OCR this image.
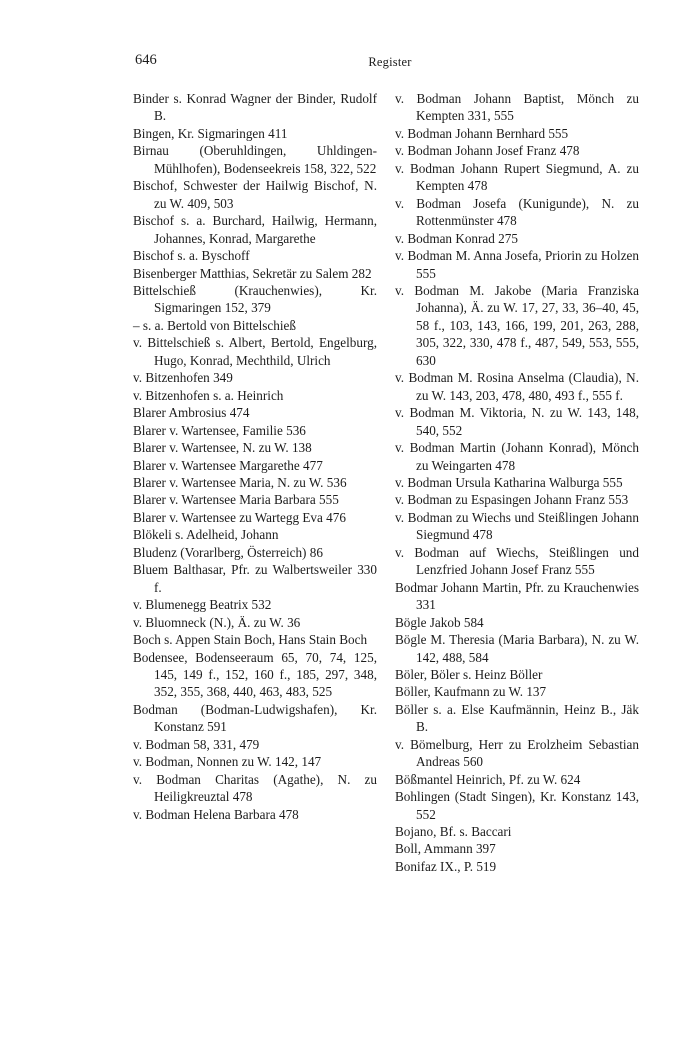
646	Register
Binder s. Konrad Wagner der Binder, Rudolf B.
Bingen, Kr. Sigmaringen 411
Birnau (Oberuhldingen, Uhldingen-Mühlhofen), Bodenseekreis 158, 322, 522
Bischof, Schwester der Hailwig Bischof, N. zu W. 409, 503
Bischof s. a. Burchard, Hailwig, Hermann, Johannes, Konrad, Margarethe
Bischof s. a. Byschoff
Bisenberger Matthias, Sekretär zu Salem 282
Bittelschieß (Krauchenwies), Kr. Sigmaringen 152, 379
– s. a. Bertold von Bittelschieß
v. Bittelschieß s. Albert, Bertold, Engelburg, Hugo, Konrad, Mechthild, Ulrich
v. Bitzenhofen 349
v. Bitzenhofen s. a. Heinrich
Blarer Ambrosius 474
Blarer v. Wartensee, Familie 536
Blarer v. Wartensee, N. zu W. 138
Blarer v. Wartensee Margarethe 477
Blarer v. Wartensee Maria, N. zu W. 536
Blarer v. Wartensee Maria Barbara 555
Blarer v. Wartensee zu Wartegg Eva 476
Blökeli s. Adelheid, Johann
Bludenz (Vorarlberg, Österreich) 86
Bluem Balthasar, Pfr. zu Walbertsweiler 330 f.
v. Blumenegg Beatrix 532
v. Bluomneck (N.), Ä. zu W. 36
Boch s. Appen Stain Boch, Hans Stain Boch
Bodensee, Bodenseeraum 65, 70, 74, 125, 145, 149 f., 152, 160 f., 185, 297, 348, 352, 355, 368, 440, 463, 483, 525
Bodman (Bodman-Ludwigshafen), Kr. Konstanz 591
v. Bodman 58, 331, 479
v. Bodman, Nonnen zu W. 142, 147
v. Bodman Charitas (Agathe), N. zu Heiligkreuztal 478
v. Bodman Helena Barbara 478
v. Bodman Johann Baptist, Mönch zu Kempten 331, 555
v. Bodman Johann Bernhard 555
v. Bodman Johann Josef Franz 478
v. Bodman Johann Rupert Siegmund, A. zu Kempten 478
v. Bodman Josefa (Kunigunde), N. zu Rottenmünster 478
v. Bodman Konrad 275
v. Bodman M. Anna Josefa, Priorin zu Holzen 555
v. Bodman M. Jakobe (Maria Franziska Johanna), Ä. zu W. 17, 27, 33, 36–40, 45, 58 f., 103, 143, 166, 199, 201, 263, 288, 305, 322, 330, 478 f., 487, 549, 553, 555, 630
v. Bodman M. Rosina Anselma (Claudia), N. zu W. 143, 203, 478, 480, 493 f., 555 f.
v. Bodman M. Viktoria, N. zu W. 143, 148, 540, 552
v. Bodman Martin (Johann Konrad), Mönch zu Weingarten 478
v. Bodman Ursula Katharina Walburga 555
v. Bodman zu Espasingen Johann Franz 553
v. Bodman zu Wiechs und Steißlingen Johann Siegmund 478
v. Bodman auf Wiechs, Steißlingen und Lenzfried Johann Josef Franz 555
Bodmar Johann Martin, Pfr. zu Krauchenwies 331
Bögle Jakob 584
Bögle M. Theresia (Maria Barbara), N. zu W. 142, 488, 584
Böler, Böler s. Heinz Böller
Böller, Kaufmann zu W. 137
Böller s. a. Else Kaufmännin, Heinz B., Jäk B.
v. Bömelburg, Herr zu Erolzheim Sebastian Andreas 560
Bößmantel Heinrich, Pf. zu W. 624
Bohlingen (Stadt Singen), Kr. Konstanz 143, 552
Bojano, Bf. s. Baccari
Boll, Ammann 397
Bonifaz IX., P. 519
